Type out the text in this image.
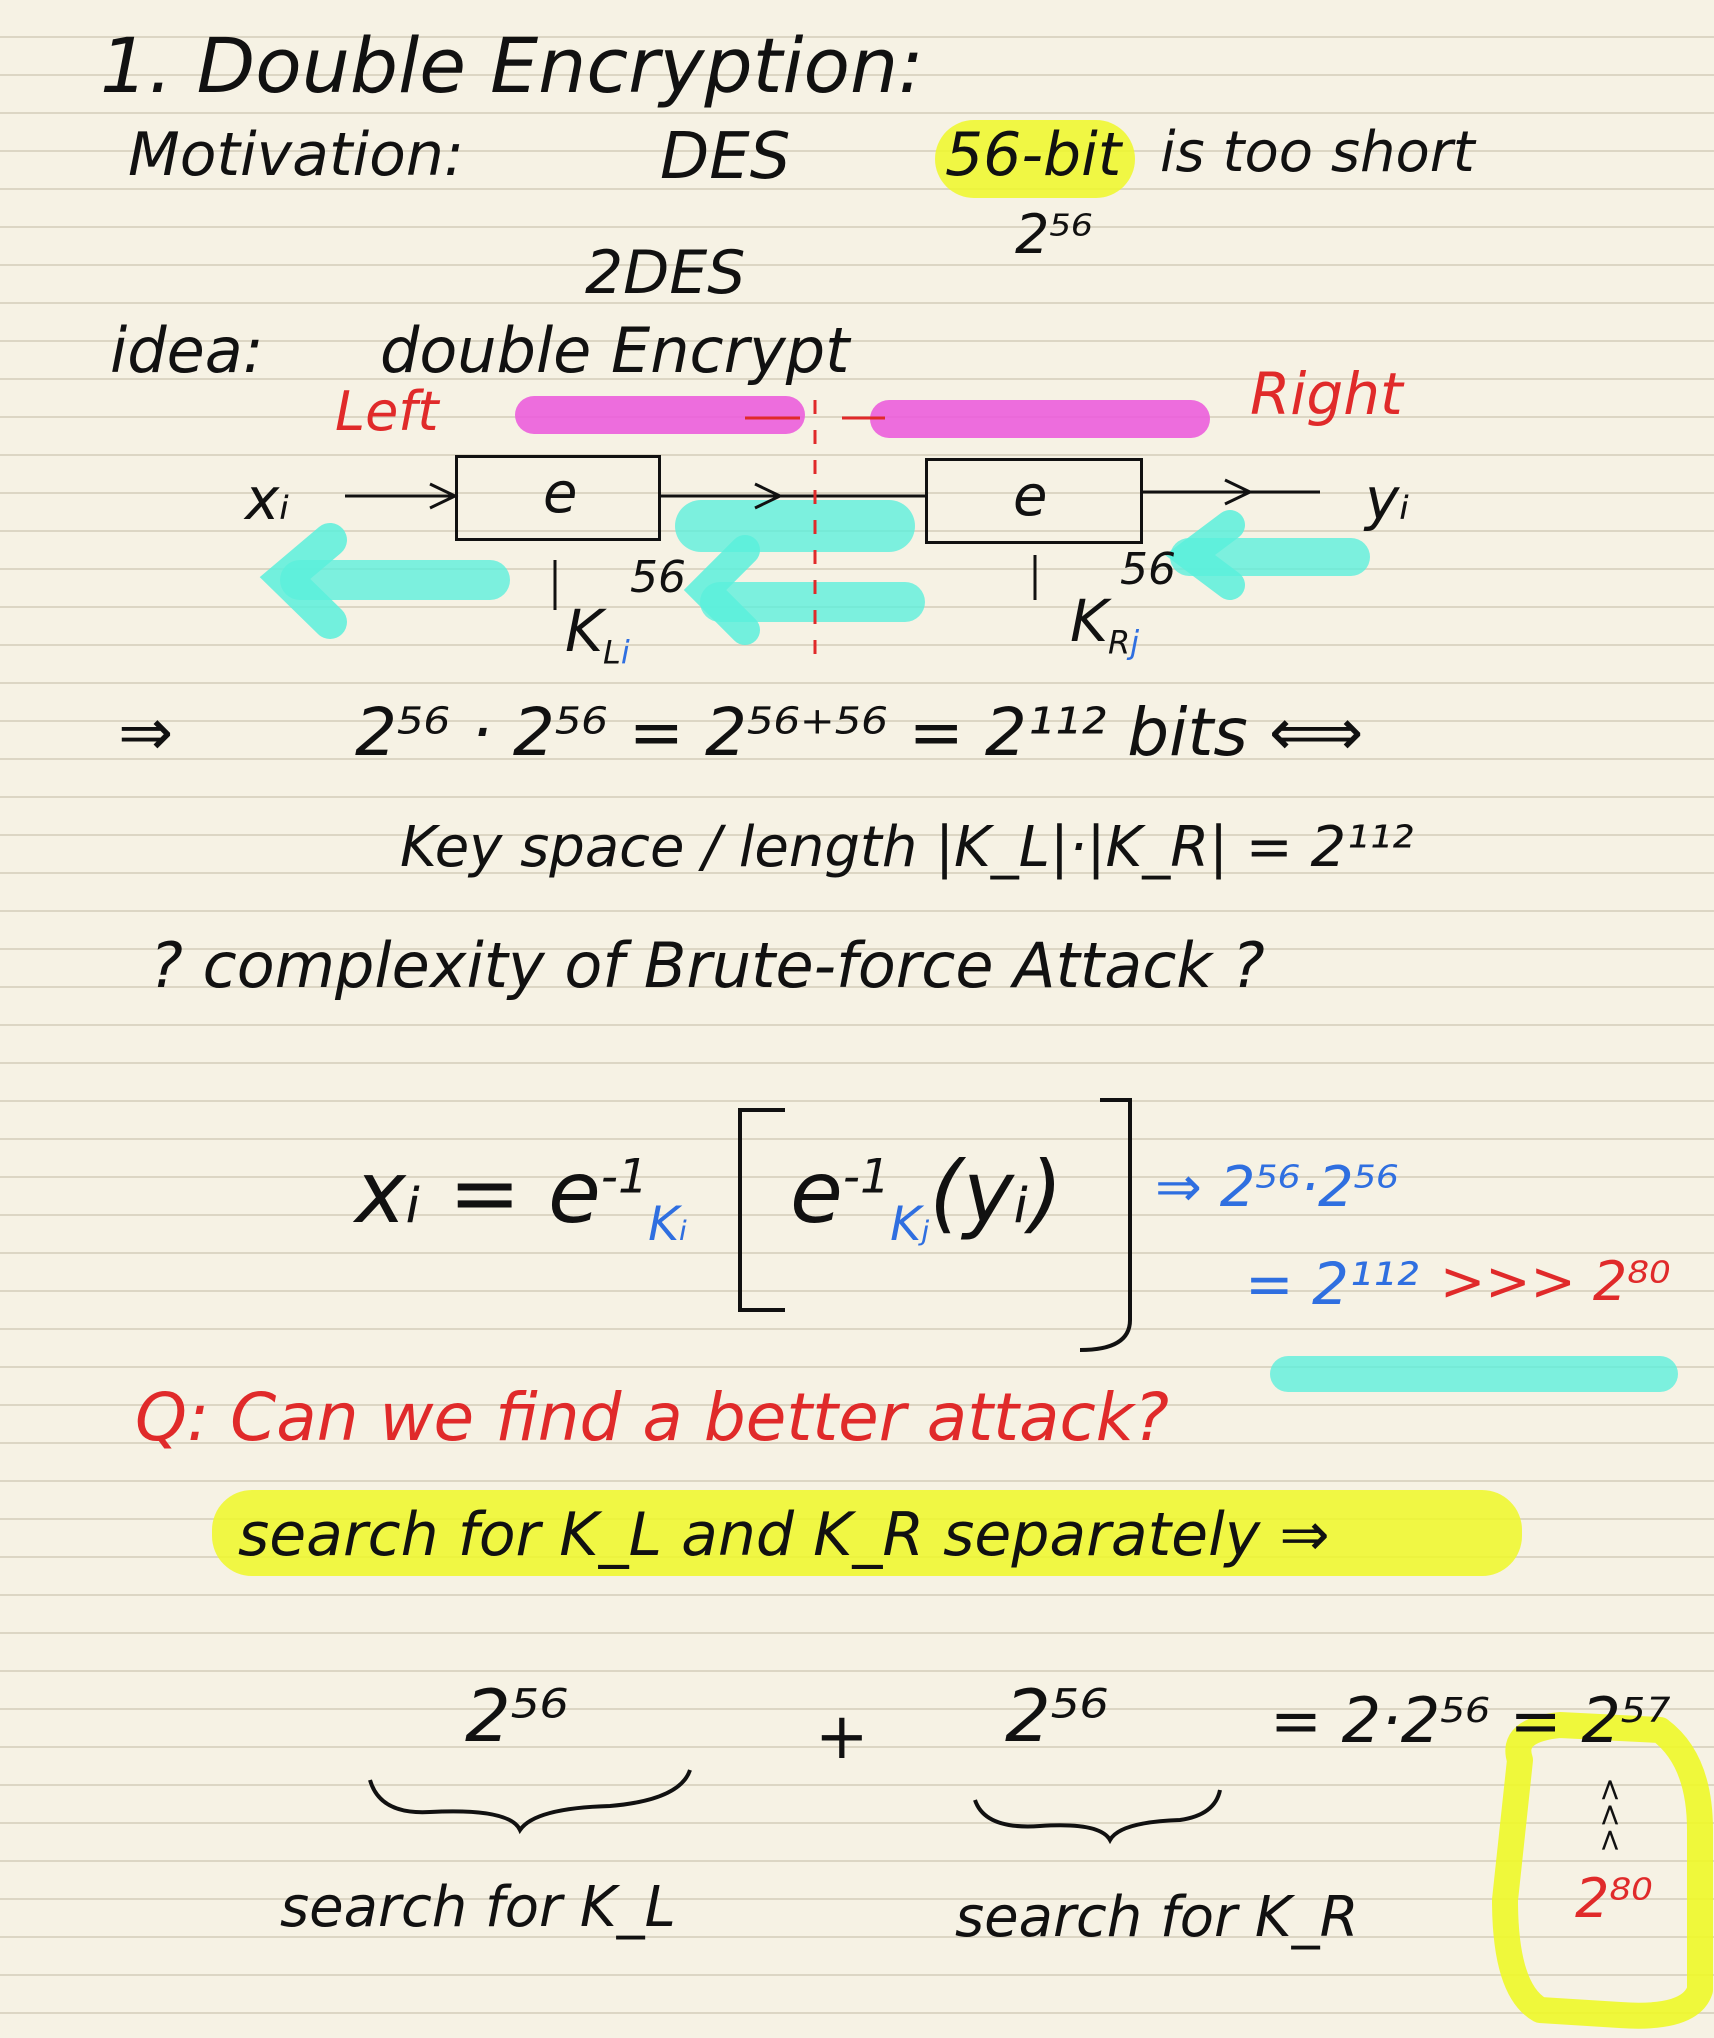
1. Double Encryption:
Motivation:	DES	56-bit is too short
2⁵⁶
2DES
idea: double Encrypt
Left	Right
xᵢ	e	e	yᵢ
56
$K_{Li}$
56
$K_{Rj}$
⇒	2⁵⁶ · 2⁵⁶ = 2⁵⁶⁺⁵⁶ = 2¹¹² bits ⟺
Key space / length |K_L|·|K_R| = 2¹¹²
? complexity of Brute-force Attack ?
xᵢ = $e^{-1}_{Kᵢ}$ $e^{-1}_{Kⱼ}(yᵢ)$ ⇒ 2⁵⁶·2⁵⁶
= 2¹¹² >>> 2⁸⁰
Q: Can we find a better attack?
search for K_L and K_R separately ⇒
2⁵⁶	+ 2⁵⁶	= 2·2⁵⁶ = 2⁵⁷
search for K_L	search for K_R
<<<
2⁸⁰
